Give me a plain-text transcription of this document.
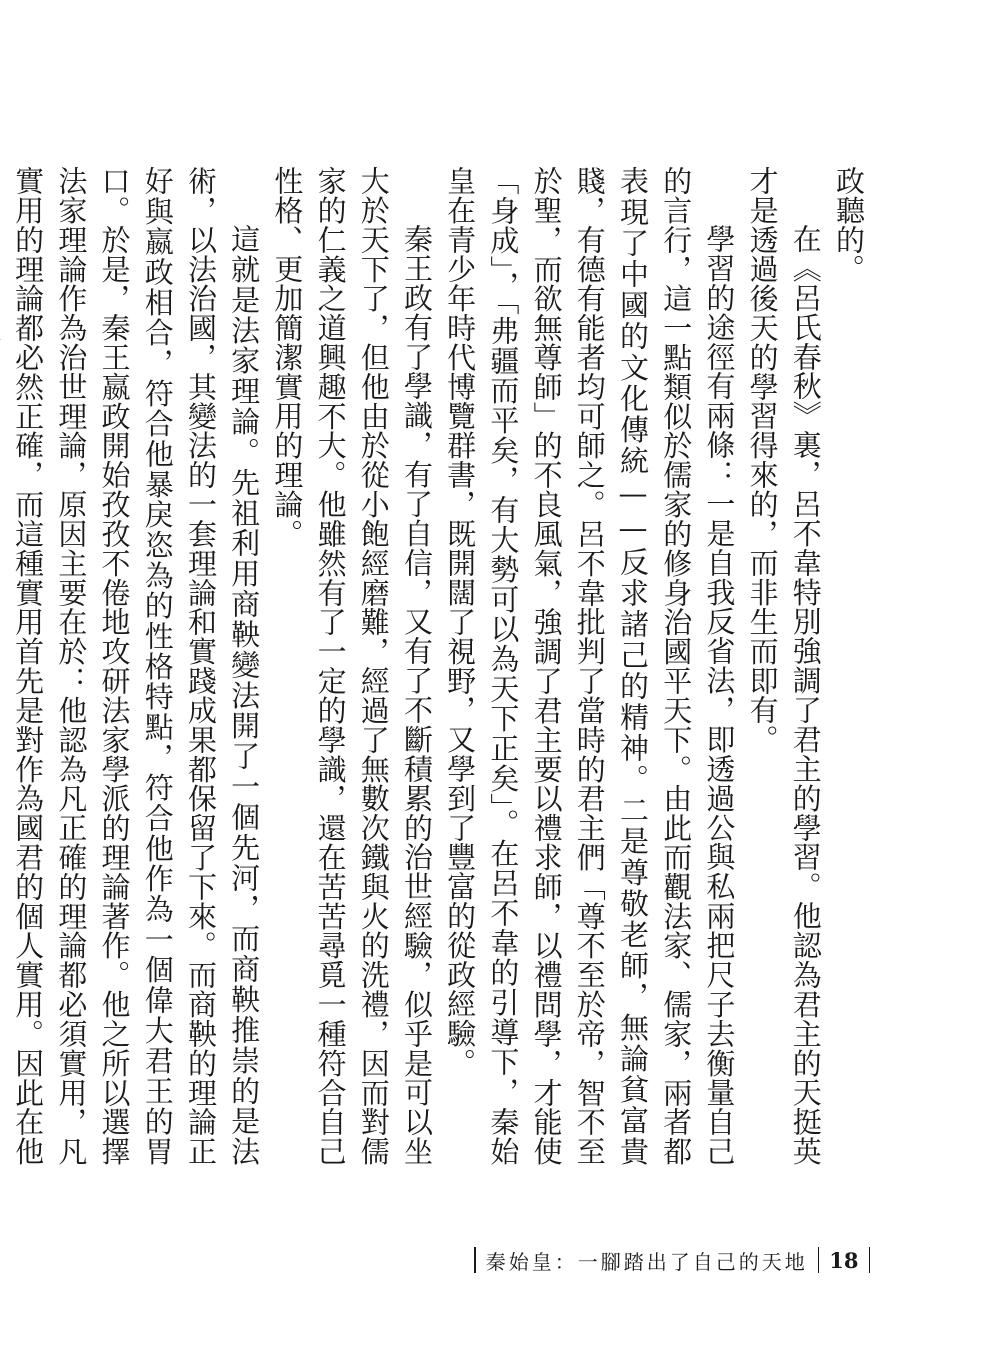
政聽的。

在《呂氏春秋》裏，呂不韋特別強調了君主的學習。他認為君主的天挺英才是透過後天的學習得來的，而非生而即有。

學習的途徑有兩條：一是自我反省法，即透過公與私兩把尺子去衡量自己的言行，這一點類似於儒家的修身治國平天下。由此而觀法家、儒家，兩者都表現了中國的文化傳統——反求諸己的精神。二是尊敬老師，無論貧富貴賤，有德有能者均可師之。呂不韋批判了當時的君主們「尊不至於帝，智不至於聖，而欲無尊師」的不良風氣，強調了君主要以禮求師，以禮問學，才能使「身成」，「弗疆而平矣，有大勢可以為天下正矣」。在呂不韋的引導下，秦始皇在青少年時代博覽群書，既開闊了視野，又學到了豐富的從政經驗。

秦王政有了學識，有了自信，又有了不斷積累的治世經驗，似乎是可以坐大於天下了，但他由於從小飽經磨難，經過了無數次鐵與火的洗禮，因而對儒家的仁義之道興趣不大。他雖然有了一定的學識，還在苦苦尋覓一種符合自己性格、更加簡潔實用的理論。

這就是法家理論。先祖利用商鞅變法開了一個先河，而商鞅推崇的是法術，以法治國，其變法的一套理論和實踐成果都保留了下來。而商鞅的理論正好與嬴政相合，符合他暴戾恣為的性格特點，符合他作為一個偉大君王的胃口。於是，秦王嬴政開始孜孜不倦地攻研法家學派的理論著作。他之所以選擇法家理論作為治世理論，原因主要在於：他認為凡正確的理論都必須實用，凡實用的理論都必然正確，而這種實用首先是對作為國君的個人實用。因此在他

秦始皇：一腳踏出了自己的天地 18
